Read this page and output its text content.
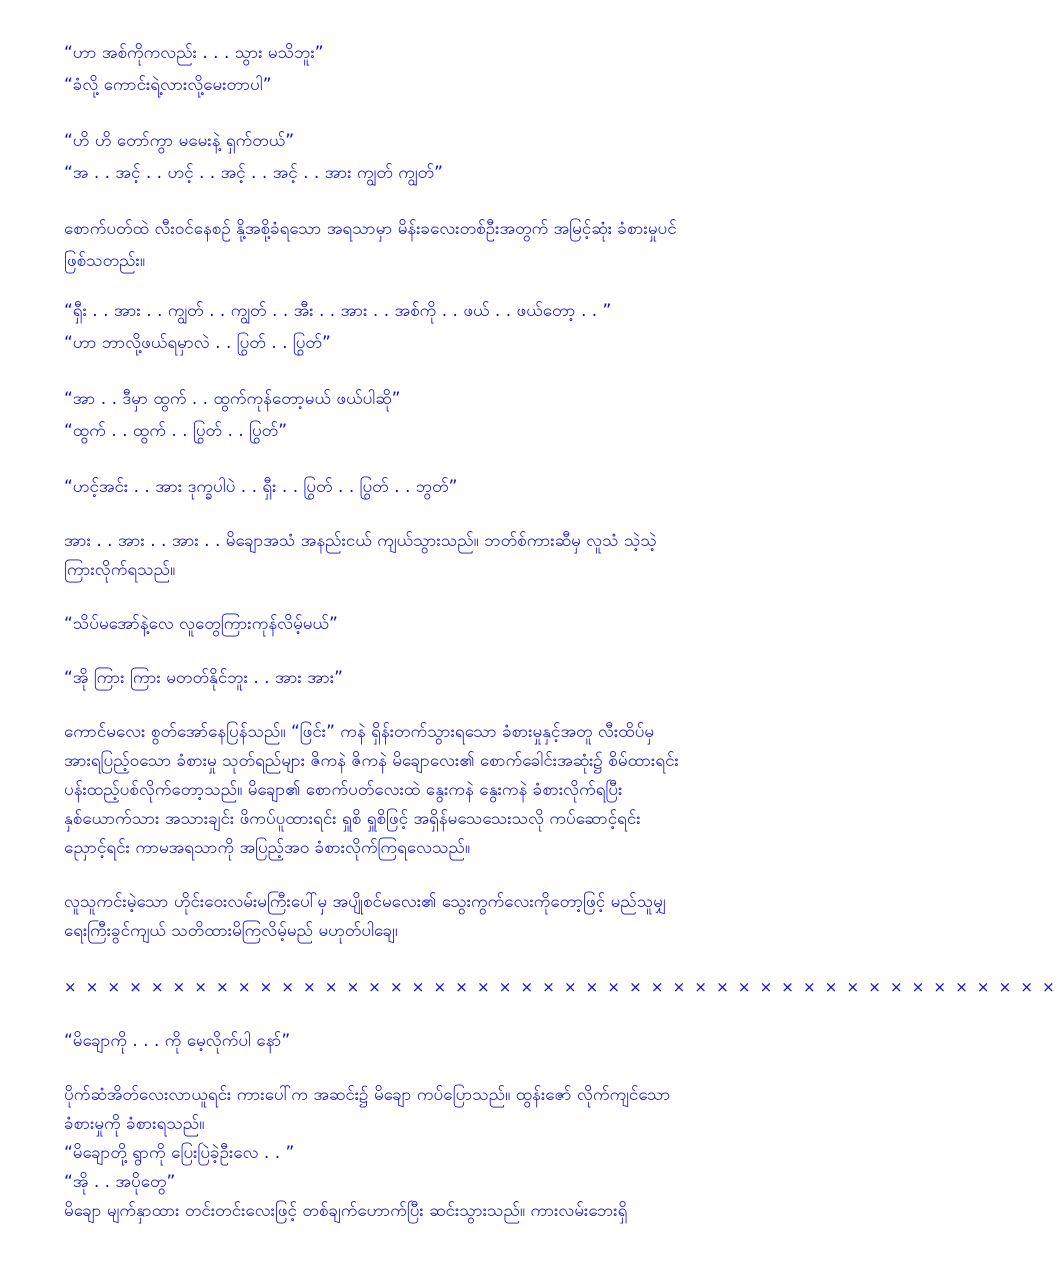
“ဟာ အစ်ကိုကလည်း . . . သွား မသိဘူး”
“ခံလို့ ကောင်းရဲ့လားလို့မေးတာပါ”
“ဟိ ဟိ တော်ကွာ မမေးနဲ့ ရှက်တယ်”
“အ . . အင့် . . ဟင့် . . အင့် . . အင့် . . အား ကျွတ် ကျွတ်”
စောက်ပတ်ထဲ လီးဝင်နေစဉ် နို့အစို့ခံရသော အရသာမှာ မိန်းခလေးတစ်ဦးအတွက် အမြင့်ဆုံး ခံစားမှုပင်
ဖြစ်သတည်း။
“ရှီး . . အား . . ကျွတ် . . ကျွတ် . . အီး . . အား . . အစ်ကို . . ဖယ် . . ဖယ်တော့ . . ”
“ဟာ ဘာလို့ဖယ်ရမှာလဲ . . ပြွတ် . . ပြွတ်”
“အာ . . ဒီမှာ ထွက် . . ထွက်ကုန်တော့မယ် ဖယ်ပါဆို”
“ထွက် . . ထွက် . . ပြွတ် . . ပြွတ်”
“ဟင့်အင်း . . အား ဒုက္ခပါပဲ . . ရှီး . . ပြွတ် . . ပြွတ် . . ဘွတ်”
အား . . အား . . အား . . မိချောအသံ အနည်းငယ် ကျယ်သွားသည်။ ဘတ်စ်ကားဆီမှ လူသံ သဲ့သဲ့
ကြားလိုက်ရသည်။
“သိပ်မအော်နဲ့လေ လူတွေကြားကုန်လိမ့်မယ်”
“အို ကြား ကြား မတတ်နိုင်ဘူး . . အား အား”
ကောင်မလေး စွတ်အော်နေပြန်သည်။ “ဖြင်း” ကနဲ ရှိန်းတက်သွားရသော ခံစားမှုနှင့်အတူ လီးထိပ်မှ
အားရပြည့်ဝသော ခံစားမှု သုတ်ရည်များ ဇိကနဲ ဇိကနဲ မိချောလေး၏ စောက်ခေါင်းအဆုံး၌ စိမ်ထားရင်း
ပန်းထည့်ပစ်လိုက်တော့သည်။ မိချော၏ စောက်ပတ်လေးထဲ နွေးကနဲ နွေးကနဲ ခံစားလိုက်ရပြီး
နှစ်ယောက်သား အသားချင်း ဖိကပ်ပူထားရင်း ရှူစိ ရှူစိဖြင့် အရှိန်မသေသေးသလို ကပ်ဆောင့်ရင်း
ညှောင့်ရင်း ကာမအရသာကို အပြည့်အဝ ခံစားလိုက်ကြရလေသည်။
လူသူကင်းမဲ့သော ဟိုင်းဝေးလမ်းမကြီးပေါ်မှ အပျိုစင်မလေး၏ သွေးကွက်လေးကိုတော့ဖြင့် မည်သူမျှ
ရေးကြီးခွင်ကျယ် သတိထားမိကြလိမ့်မည် မဟုတ်ပါချေ၊
× × × × × × × × × × × × × × × × × × × × × × × × × × × × × × × × × × × × × × × × × × × × × ×
“မိချောကို . . . ကို မေ့လိုက်ပါ နော်”
ပိုက်ဆံအိတ်လေးလာယူရင်း ကားပေါ်က အဆင်း၌ မိချော ကပ်ပြောသည်။ ထွန်းဇော် လိုက်ကျင်သော
ခံစားမှုကို ခံစားရသည်။
“မိချောတို့ ရွာကို ပြေးပြဲခဲ့ဦးလေ . . ”
“အို . . အပိုတွေ”
မိချော မျက်နှာထား တင်းတင်းလေးဖြင့် တစ်ချက်ဟောက်ပြီး ဆင်းသွားသည်။ ကားလမ်းဘေးရှိ
